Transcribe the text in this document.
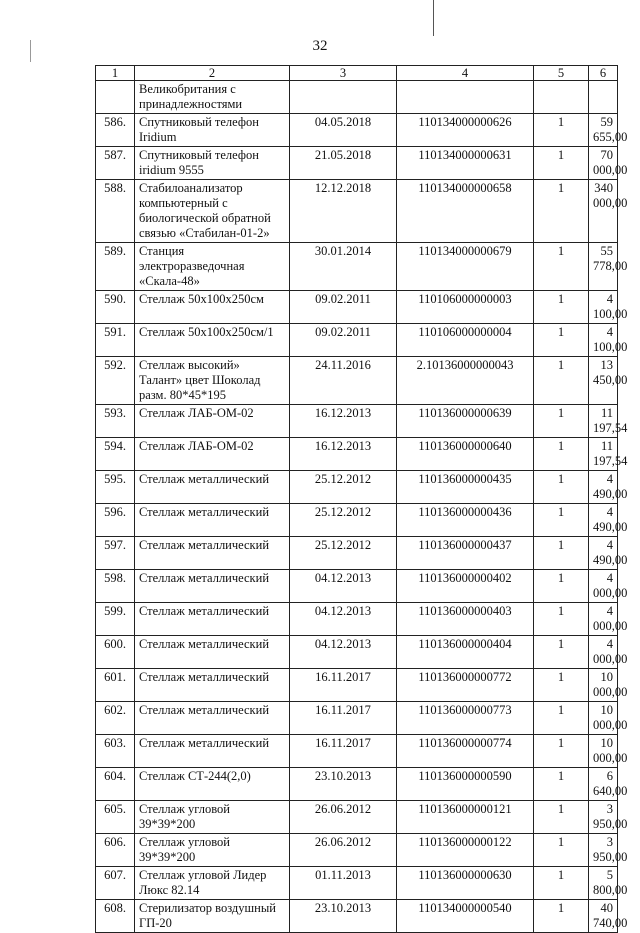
32
1	2	3	4	5	6
	Великобритания с принадлежностями				
586.	Спутниковый телефон Iridium	04.05.2018	110134000000626	1	59 655,00
587.	Спутниковый телефон iridium 9555	21.05.2018	110134000000631	1	70 000,00
588.	Стабилоанализатор компьютерный с биологической обратной связью «Стабилан-01-2»	12.12.2018	110134000000658	1	340 000,00
589.	Станция электроразведочная «Скала-48»	30.01.2014	110134000000679	1	55 778,00
590.	Стеллаж 50х100х250см	09.02.2011	110106000000003	1	4 100,00
591.	Стеллаж 50х100х250см/1	09.02.2011	110106000000004	1	4 100,00
592.	Стеллаж высокий» Талант» цвет Шоколад разм. 80*45*195	24.11.2016	2.10136000000043	1	13 450,00
593.	Стеллаж ЛАБ-ОМ-02	16.12.2013	110136000000639	1	11 197,54
594.	Стеллаж ЛАБ-ОМ-02	16.12.2013	110136000000640	1	11 197,54
595.	Стеллаж металлический	25.12.2012	110136000000435	1	4 490,00
596.	Стеллаж металлический	25.12.2012	110136000000436	1	4 490,00
597.	Стеллаж металлический	25.12.2012	110136000000437	1	4 490,00
598.	Стеллаж металлический	04.12.2013	110136000000402	1	4 000,00
599.	Стеллаж металлический	04.12.2013	110136000000403	1	4 000,00
600.	Стеллаж металлический	04.12.2013	110136000000404	1	4 000,00
601.	Стеллаж металлический	16.11.2017	110136000000772	1	10 000,00
602.	Стеллаж металлический	16.11.2017	110136000000773	1	10 000,00
603.	Стеллаж металлический	16.11.2017	110136000000774	1	10 000,00
604.	Стеллаж СТ-244(2,0)	23.10.2013	110136000000590	1	6 640,00
605.	Стеллаж угловой 39*39*200	26.06.2012	110136000000121	1	3 950,00
606.	Стеллаж угловой 39*39*200	26.06.2012	110136000000122	1	3 950,00
607.	Стеллаж угловой Лидер Люкс 82.14	01.11.2013	110136000000630	1	5 800,00
608.	Стерилизатор воздушный ГП-20	23.10.2013	110134000000540	1	40 740,00
